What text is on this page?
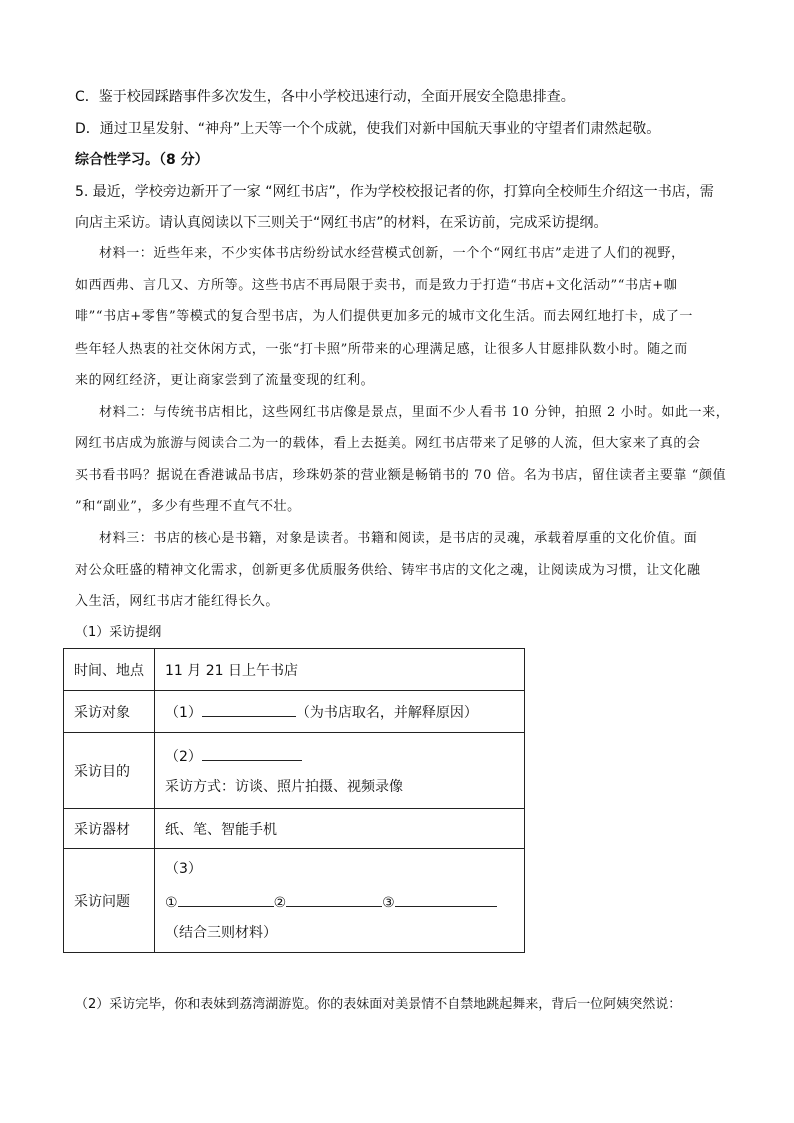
C．鉴于校园踩踏事件多次发生，各中小学校迅速行动，全面开展安全隐患排查。
D．通过卫星发射、“神舟”上天等一个个成就，使我们对新中国航天事业的守望者们肃然起敬。
综合性学习。（8 分）
5. 最近，学校旁边新开了一家 “网红书店”，作为学校校报记者的你，打算向全校师生介绍这一书店，需
向店主采访。请认真阅读以下三则关于“网红书店”的材料，在采访前，完成采访提纲。
材料一：近些年来，不少实体书店纷纷试水经营模式创新，一个个“网红书店”走进了人们的视野，
如西西弗、言几又、方所等。这些书店不再局限于卖书，而是致力于打造“书店+文化活动”“书店+咖
啡”“书店+零售”等模式的复合型书店，为人们提供更加多元的城市文化生活。而去网红地打卡，成了一
些年轻人热衷的社交休闲方式，一张“打卡照”所带来的心理满足感，让很多人甘愿排队数小时。随之而
来的网红经济，更让商家尝到了流量变现的红利。
材料二：与传统书店相比，这些网红书店像是景点，里面不少人看书 10 分钟，拍照 2 小时。如此一来，
网红书店成为旅游与阅读合二为一的载体，看上去挺美。网红书店带来了足够的人流，但大家来了真的会
买书看书吗？据说在香港诚品书店，珍珠奶茶的营业额是畅销书的 70 倍。名为书店，留住读者主要靠 “颜值
”和“副业”，多少有些理不直气不壮。
材料三：书店的核心是书籍，对象是读者。书籍和阅读，是书店的灵魂，承载着厚重的文化价值。面
对公众旺盛的精神文化需求，创新更多优质服务供给、铸牢书店的文化之魂，让阅读成为习惯，让文化融
入生活，网红书店才能红得长久。
（1）采访提纲
时间、地点	11 月 21 日上午书店
采访对象	（1） （为书店取名，并解释原因）
采访目的	（2）
采访方式：访谈、照片拍摄、视频录像

采访器材	纸、笔、智能手机
采访问题	（3）
① ② ③
（结合三则材料）
（2）采访完毕，你和表妹到荔湾湖游览。你的表妹面对美景情不自禁地跳起舞来，背后一位阿姨突然说：
